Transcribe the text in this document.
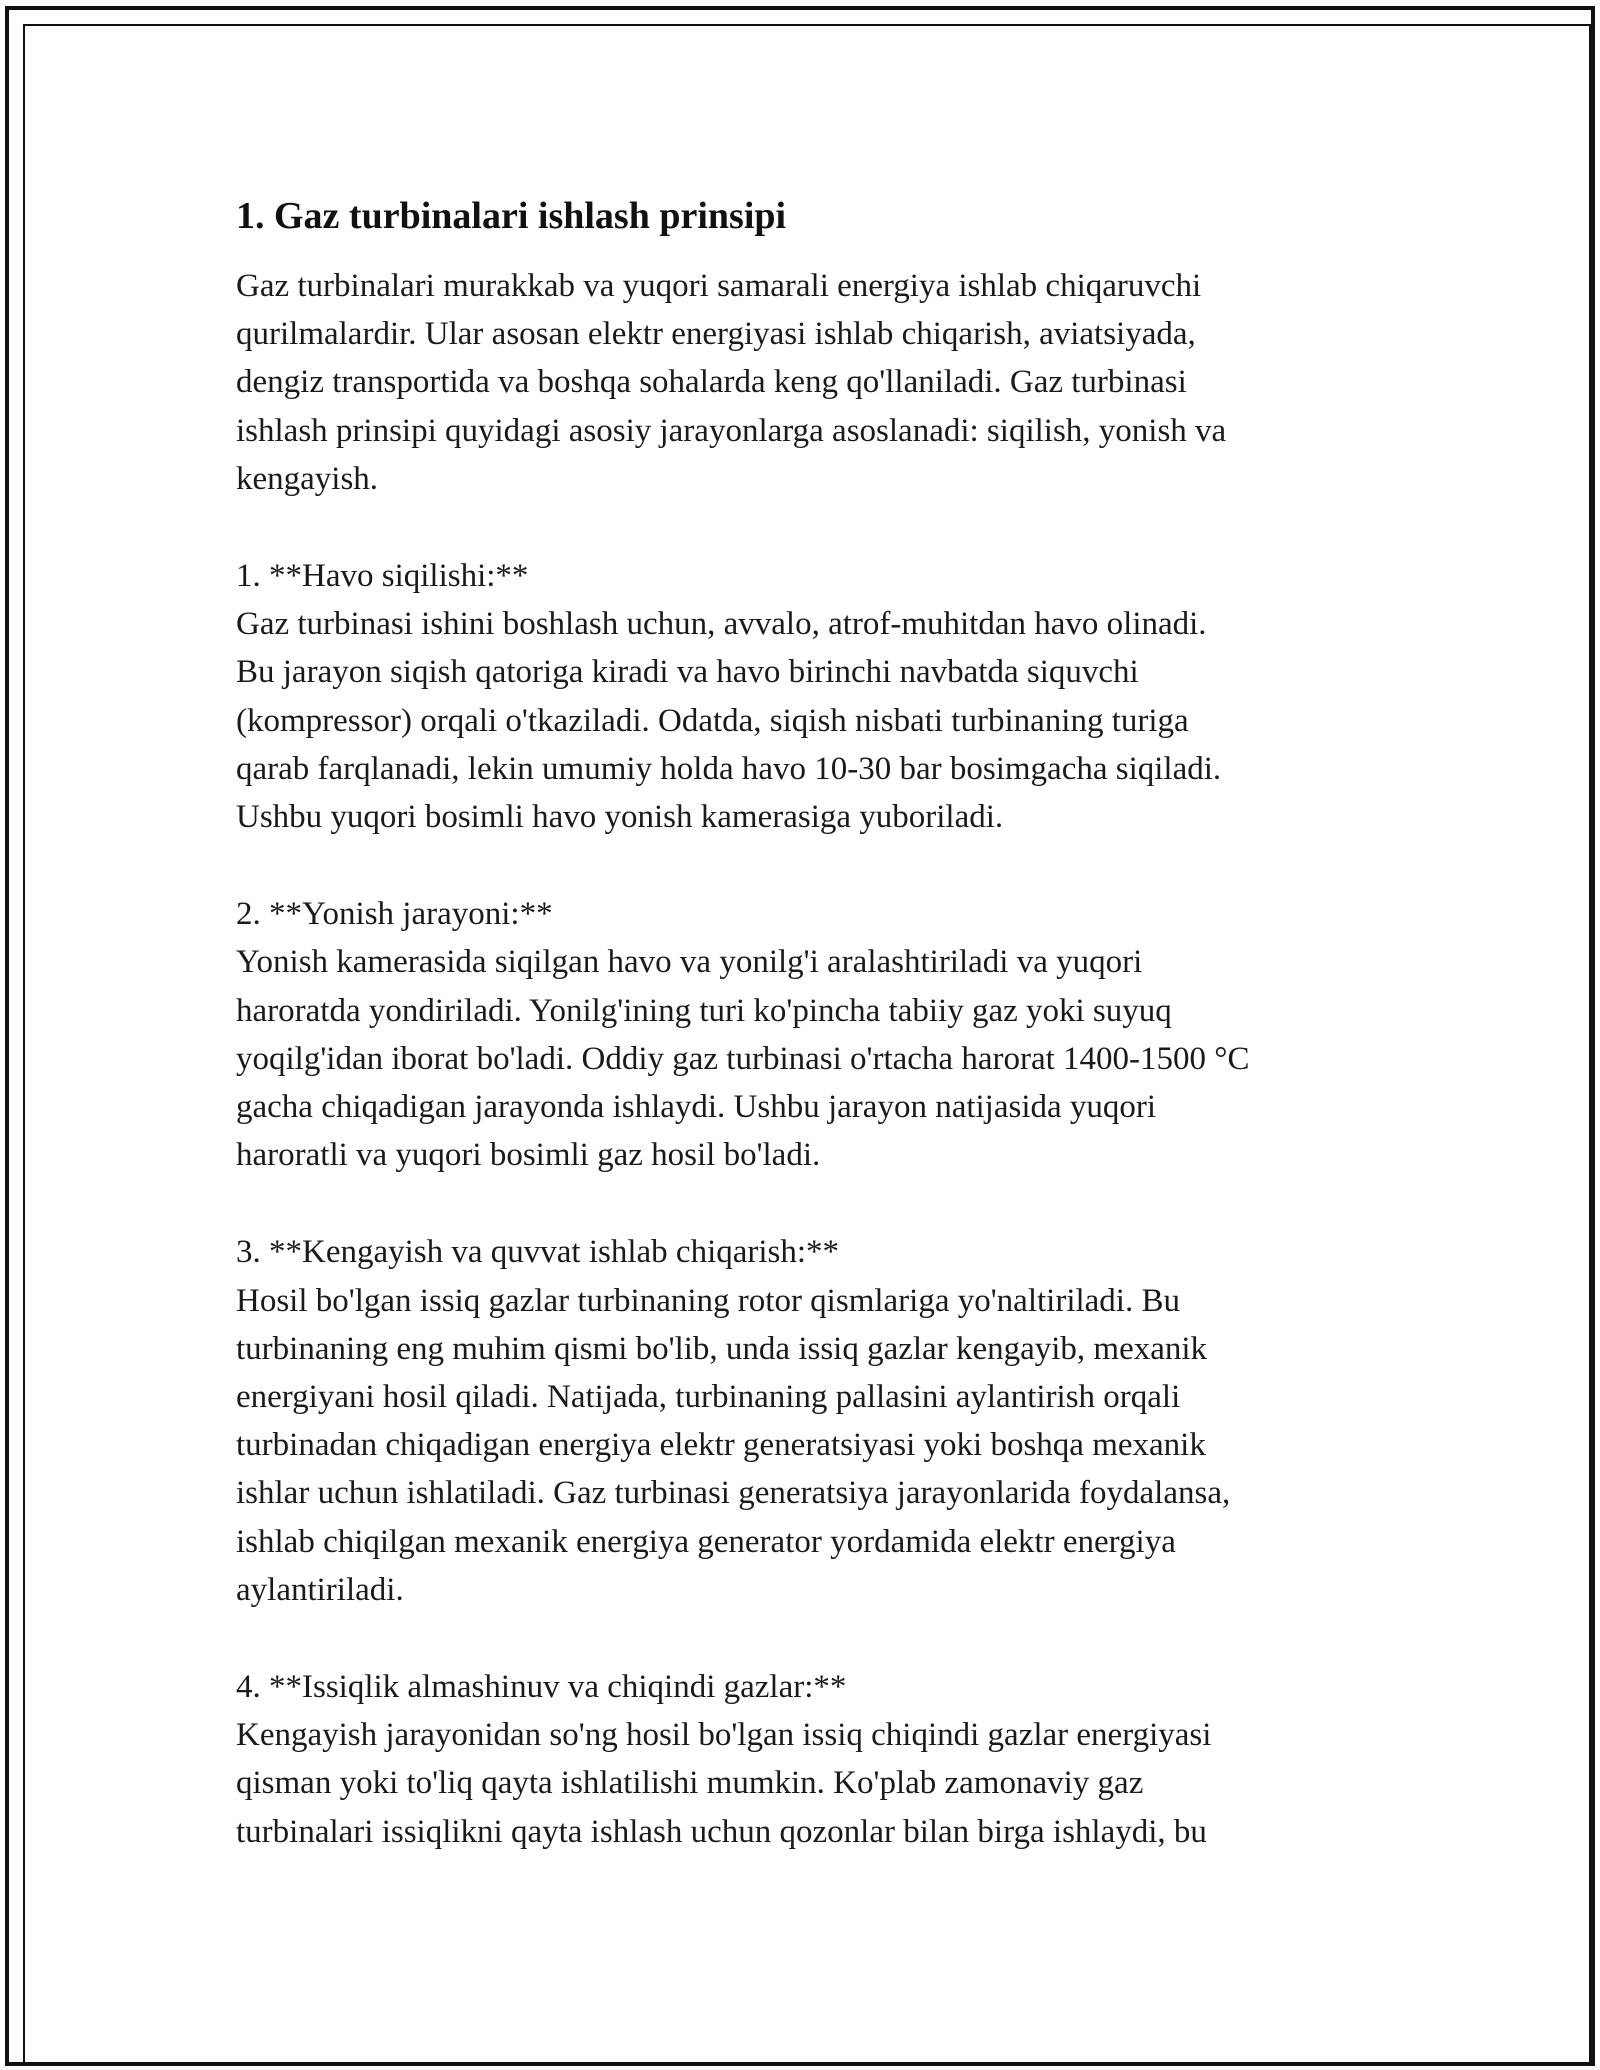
1. Gaz turbinalari ishlash prinsipi

Gaz turbinalari murakkab va yuqori samarali energiya ishlab chiqaruvchi
qurilmalardir. Ular asosan elektr energiyasi ishlab chiqarish, aviatsiyada,
dengiz transportida va boshqa sohalarda keng qo'llaniladi. Gaz turbinasi
ishlash prinsipi quyidagi asosiy jarayonlarga asoslanadi: siqilish, yonish va
kengayish.

1. **Havo siqilishi:**

Gaz turbinasi ishini boshlash uchun, avvalo, atrof-muhitdan havo olinadi.
Bu jarayon siqish qatoriga kiradi va havo birinchi navbatda siquvchi
(kompressor) orqali o'tkaziladi. Odatda, siqish nisbati turbinaning turiga
qarab farqlanadi, lekin umumiy holda havo 10-30 bar bosimgacha siqiladi.
Ushbu yuqori bosimli havo yonish kamerasiga yuboriladi.

2. **Yonish jarayoni:**

Yonish kamerasida siqilgan havo va yonilg'i aralashtiriladi va yuqori
haroratda yondiriladi. Yonilg'ining turi ko'pincha tabiiy gaz yoki suyuq
yoqilg'idan iborat bo'ladi. Oddiy gaz turbinasi o'rtacha harorat 1400-1500 °C
gacha chiqadigan jarayonda ishlaydi. Ushbu jarayon natijasida yuqori
haroratli va yuqori bosimli gaz hosil bo'ladi.

3. **Kengayish va quvvat ishlab chiqarish:**

Hosil bo'lgan issiq gazlar turbinaning rotor qismlariga yo'naltiriladi. Bu
turbinaning eng muhim qismi bo'lib, unda issiq gazlar kengayib, mexanik
energiyani hosil qiladi. Natijada, turbinaning pallasini aylantirish orqali
turbinadan chiqadigan energiya elektr generatsiyasi yoki boshqa mexanik
ishlar uchun ishlatiladi. Gaz turbinasi generatsiya jarayonlarida foydalansa,
ishlab chiqilgan mexanik energiya generator yordamida elektr energiya
aylantiriladi.

4. **Issiqlik almashinuv va chiqindi gazlar:**

Kengayish jarayonidan so'ng hosil bo'lgan issiq chiqindi gazlar energiyasi
qisman yoki to'liq qayta ishlatilishi mumkin. Ko'plab zamonaviy gaz
turbinalari issiqlikni qayta ishlash uchun qozonlar bilan birga ishlaydi, bu
